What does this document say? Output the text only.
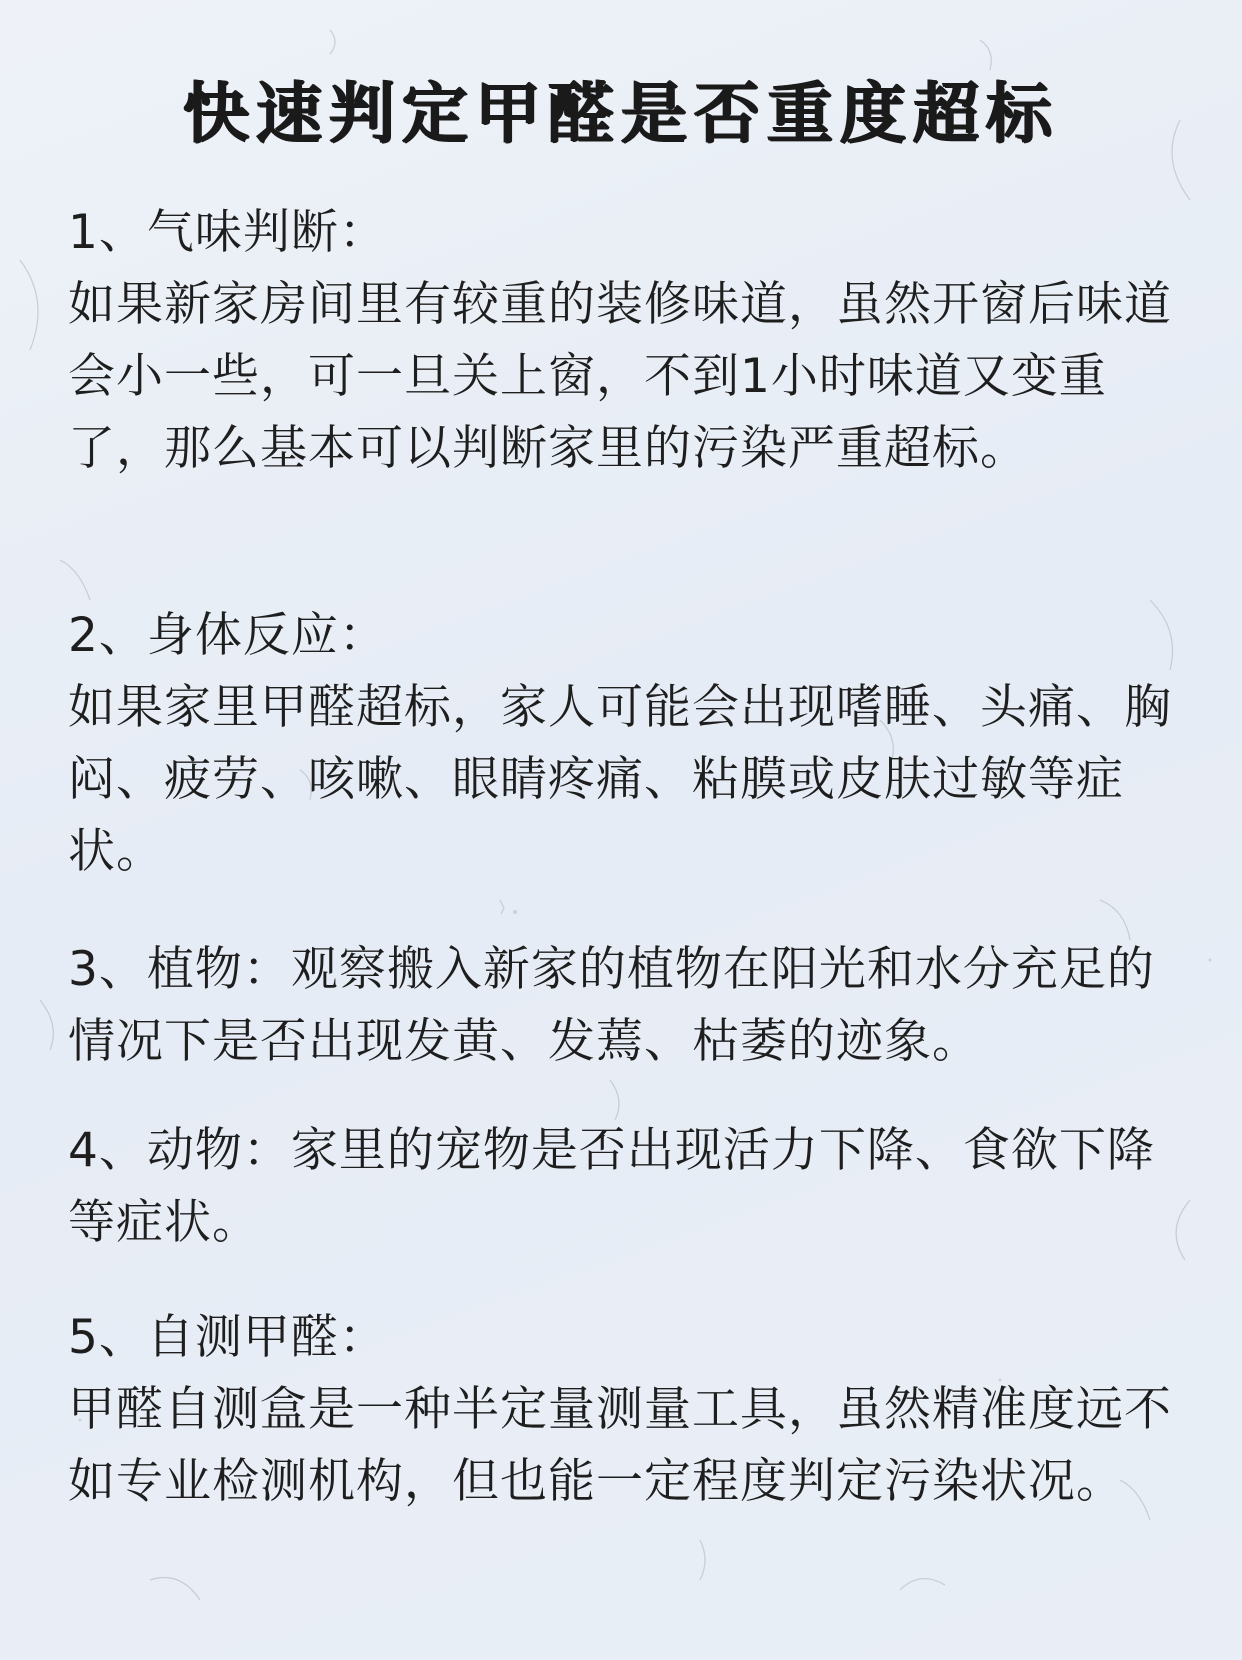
快速判定甲醛是否重度超标

1、气味判断：

如果新家房间里有较重的装修味道，虽然开窗后味道会小一些，可一旦关上窗，不到1小时味道又变重了，那么基本可以判断家里的污染严重超标。

2、身体反应：

如果家里甲醛超标，家人可能会出现嗜睡、头痛、胸闷、疲劳、咳嗽、眼睛疼痛、粘膜或皮肤过敏等症状。

3、植物：观察搬入新家的植物在阳光和水分充足的情况下是否出现发黄、发蔫、枯萎的迹象。

4、动物：家里的宠物是否出现活力下降、食欲下降等症状。

5、自测甲醛：

甲醛自测盒是一种半定量测量工具，虽然精准度远不如专业检测机构，但也能一定程度判定污染状况。
